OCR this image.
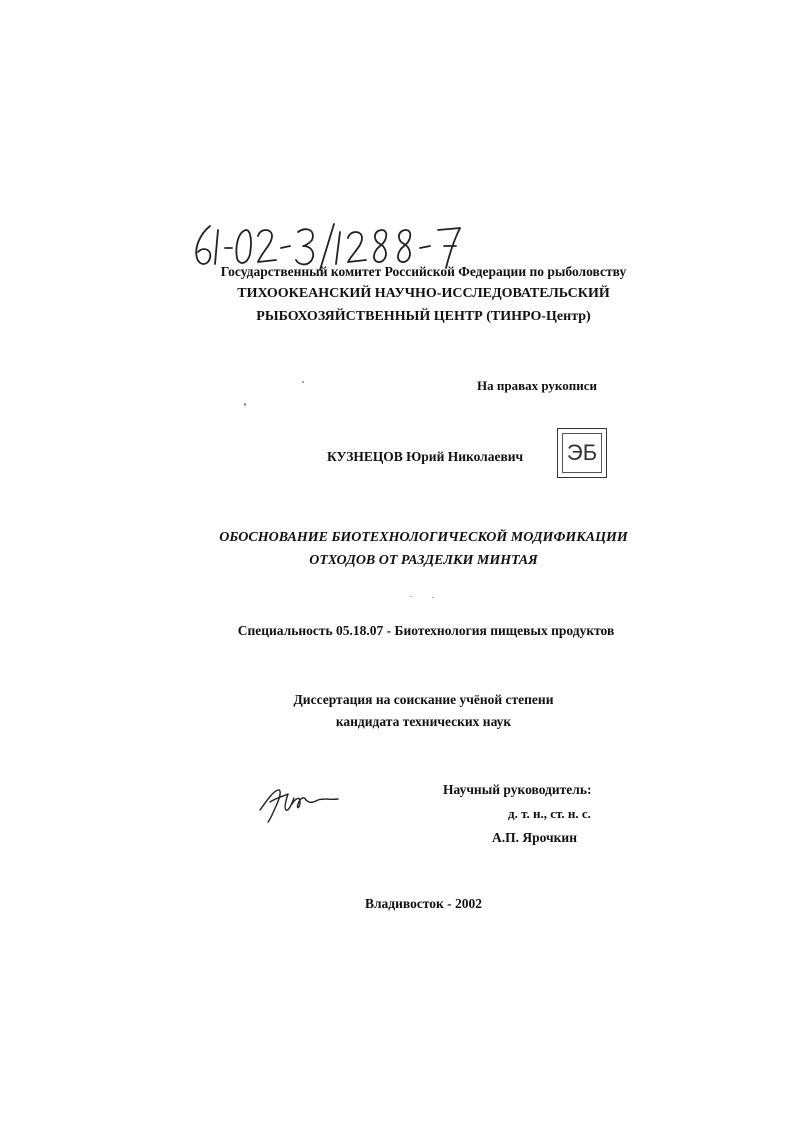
Государственный комитет Российской Федерации по рыболовству
ТИХООКЕАНСКИЙ НАУЧНО-ИССЛЕДОВАТЕЛЬСКИЙ
РЫБОХОЗЯЙСТВЕННЫЙ ЦЕНТР (ТИНРО-Центр)
На правах рукописи
КУЗНЕЦОВ Юрий Николаевич ЭБ
ОБОСНОВАНИЕ БИОТЕХНОЛОГИЧЕСКОЙ МОДИФИКАЦИИ
ОТХОДОВ ОТ РАЗДЕЛКИ МИНТАЯ
Специальность 05.18.07 - Биотехнология пищевых продуктов
Диссертация на соискание учёной степени
кандидата технических наук
Научный руководитель:
д. т. н., ст. н. с.
А.П. Ярочкин
Владивосток - 2002
